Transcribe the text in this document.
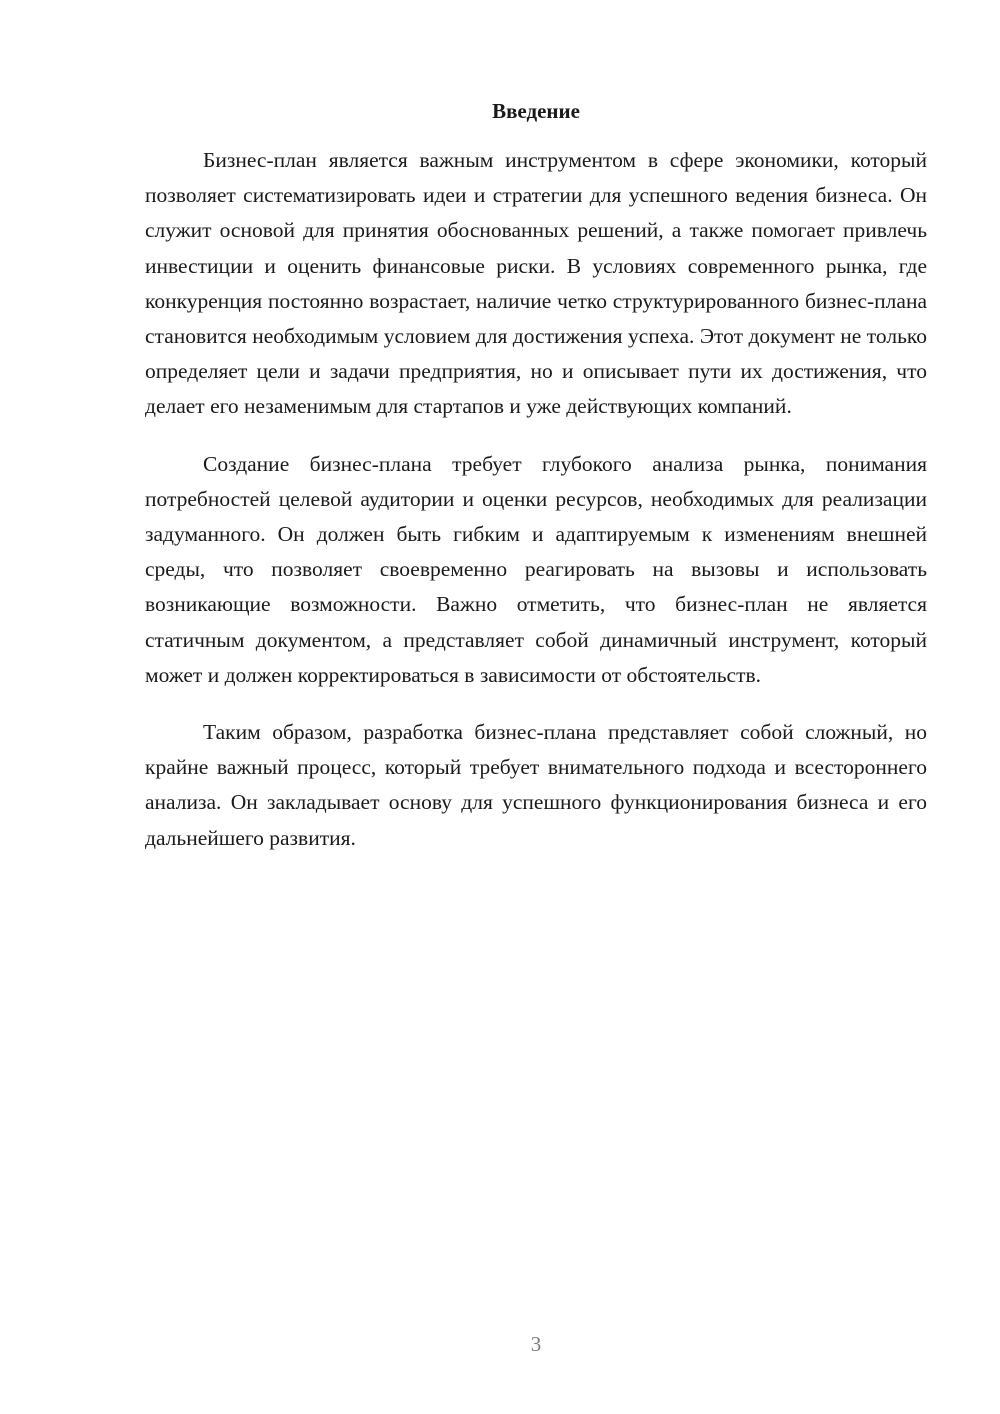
Введение

Бизнес-план является важным инструментом в сфере экономики, который позволяет систематизировать идеи и стратегии для успешного ведения бизнеса. Он служит основой для принятия обоснованных решений, а также помогает привлечь инвестиции и оценить финансовые риски. В условиях современного рынка, где конкуренция постоянно возрастает, наличие четко структурированного бизнес-плана становится необходимым условием для достижения успеха. Этот документ не только определяет цели и задачи предприятия, но и описывает пути их достижения, что делает его незаменимым для стартапов и уже действующих компаний.

Создание бизнес-плана требует глубокого анализа рынка, понимания потребностей целевой аудитории и оценки ресурсов, необходимых для реализации задуманного. Он должен быть гибким и адаптируемым к изменениям внешней среды, что позволяет своевременно реагировать на вызовы и использовать возникающие возможности. Важно отметить, что бизнес-план не является статичным документом, а представляет собой динамичный инструмент, который может и должен корректироваться в зависимости от обстоятельств.

Таким образом, разработка бизнес-плана представляет собой сложный, но крайне важный процесс, который требует внимательного подхода и всестороннего анализа. Он закладывает основу для успешного функционирования бизнеса и его дальнейшего развития.

3
